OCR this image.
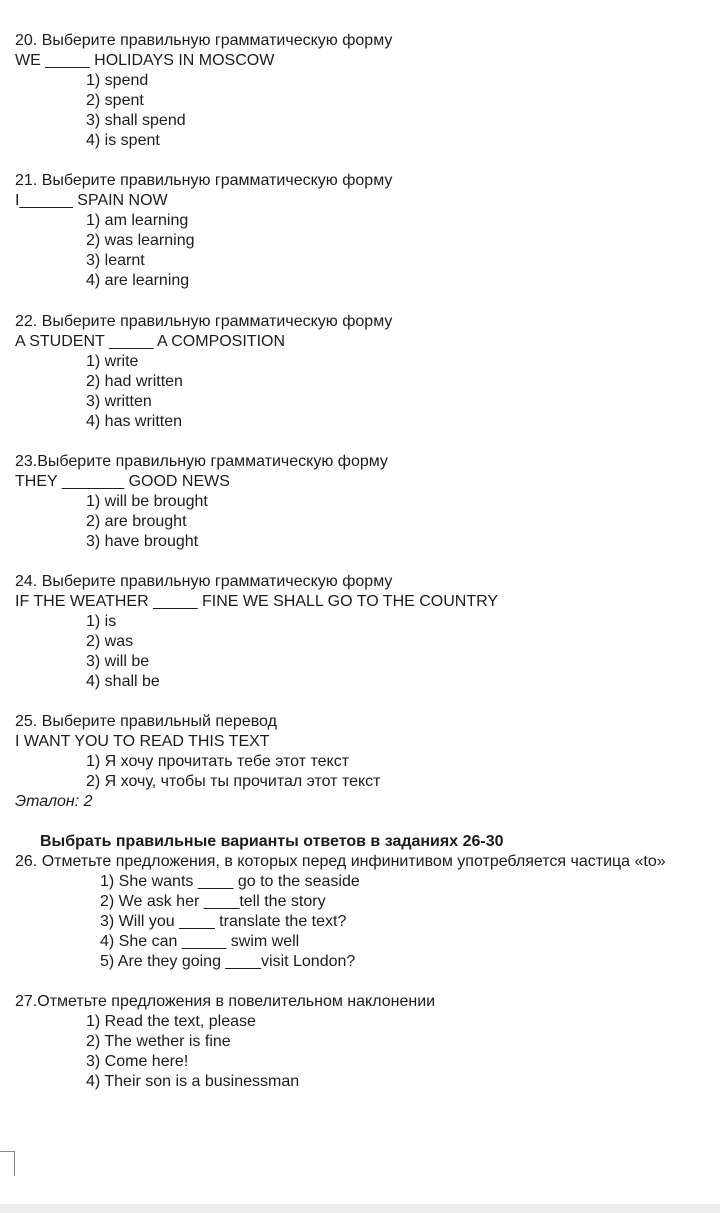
20. Выберите правильную грамматическую форму
WE _____ HOLIDAYS IN MOSCOW
1) spend
2) spent
3) shall spend
4) is spent
21. Выберите правильную грамматическую форму
I______ SPAIN NOW
1) am learning
2) was learning
3) learnt
4) are learning
22. Выберите правильную грамматическую форму
A STUDENT _____ A COMPOSITION
1) write
2) had written
3) written
4) has written
23.Выберите правильную грамматическую форму
THEY _______ GOOD NEWS
1) will be brought
2) are brought
3) have brought
24. Выберите правильную грамматическую форму
IF THE WEATHER _____ FINE WE SHALL GO TO THE COUNTRY
1) is
2) was
3) will be
4) shall be
25. Выберите правильный перевод
I WANT YOU TO READ THIS TEXT
1) Я хочу прочитать тебе этот текст
2) Я хочу, чтобы ты прочитал этот текст
Эталон: 2
Выбрать правильные варианты ответов в заданиях 26-30
26. Отметьте предложения, в которых перед инфинитивом употребляется частица «to»
1) She wants ____ go to the seaside
2) We ask her ____tell the story
3) Will you ____ translate the text?
4) She can _____ swim well
5) Are they going ____visit London?
27.Отметьте предложения в повелительном наклонении
1) Read the text, please
2) The wether is fine
3) Come here!
4) Their son is a businessman
